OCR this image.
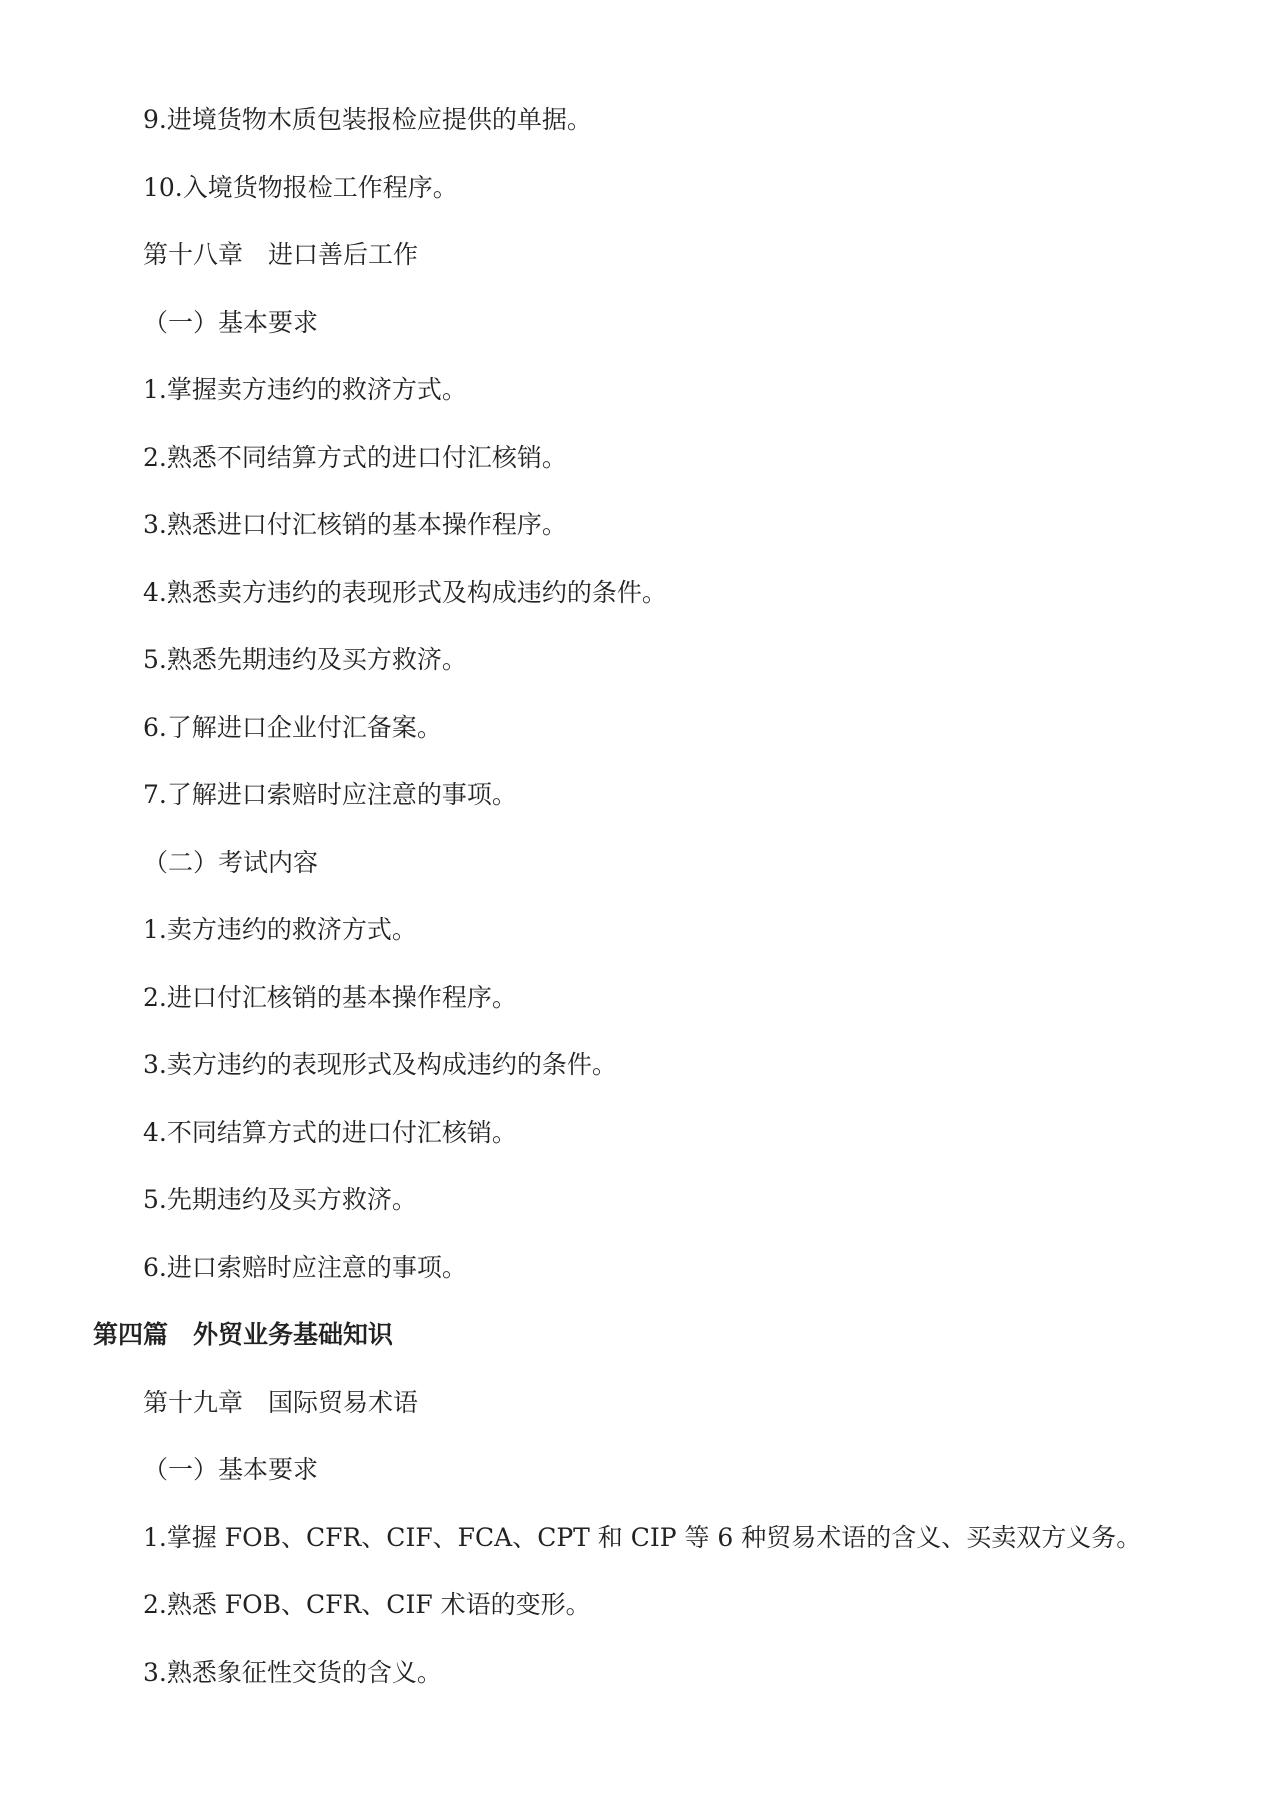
9.进境货物木质包装报检应提供的单据。
10.入境货物报检工作程序。
第十八章　进口善后工作
（一）基本要求
1.掌握卖方违约的救济方式。
2.熟悉不同结算方式的进口付汇核销。
3.熟悉进口付汇核销的基本操作程序。
4.熟悉卖方违约的表现形式及构成违约的条件。
5.熟悉先期违约及买方救济。
6.了解进口企业付汇备案。
7.了解进口索赔时应注意的事项。
（二）考试内容
1.卖方违约的救济方式。
2.进口付汇核销的基本操作程序。
3.卖方违约的表现形式及构成违约的条件。
4.不同结算方式的进口付汇核销。
5.先期违约及买方救济。
6.进口索赔时应注意的事项。
第四篇　外贸业务基础知识
第十九章　国际贸易术语
（一）基本要求
1.掌握 FOB、CFR、CIF、FCA、CPT 和 CIP 等 6 种贸易术语的含义、买卖双方义务。
2.熟悉 FOB、CFR、CIF 术语的变形。
3.熟悉象征性交货的含义。
